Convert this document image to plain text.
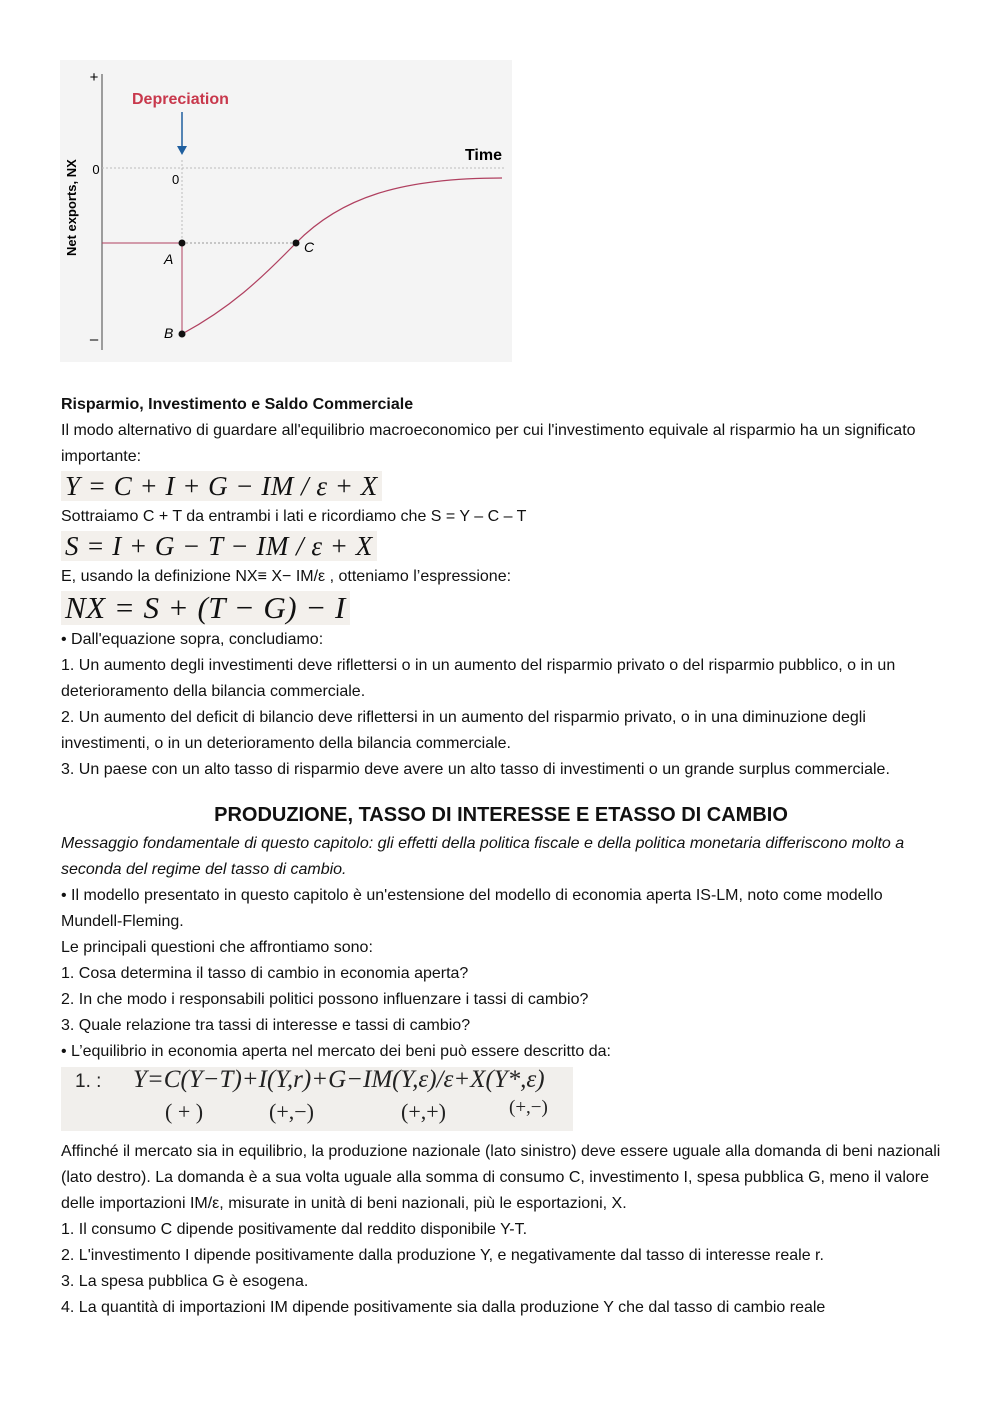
+
–
0
Net exports, NX
Time
Depreciation
0
A
B
C

Risparmio, Investimento e Saldo Commerciale

Il modo alternativo di guardare all'equilibrio macroeconomico per cui l'investimento equivale al risparmio ha un significato importante:

Y = C + I + G − IM / ε + X

Sottraiamo C + T da entrambi i lati e ricordiamo che S = Y – C – T

S = I + G − T − IM / ε + X

E, usando la definizione NX≡ X− IM/ε , otteniamo l’espressione:

NX = S + (T − G) − I

• Dall'equazione sopra, concludiamo:

1. Un aumento degli investimenti deve riflettersi o in un aumento del risparmio privato o del risparmio pubblico, o in un deterioramento della bilancia commerciale.

2. Un aumento del deficit di bilancio deve riflettersi in un aumento del risparmio privato, o in una diminuzione degli investimenti, o in un deterioramento della bilancia commerciale.

3. Un paese con un alto tasso di risparmio deve avere un alto tasso di investimenti o un grande surplus commerciale.

PRODUZIONE, TASSO DI INTERESSE E ETASSO DI CAMBIO

Messaggio fondamentale di questo capitolo: gli effetti della politica fiscale e della politica monetaria differiscono molto a seconda del regime del tasso di cambio.

• Il modello presentato in questo capitolo è un'estensione del modello di economia aperta IS-LM, noto come modello Mundell-Fleming.

Le principali questioni che affrontiamo sono:

1. Cosa determina il tasso di cambio in economia aperta?

2. In che modo i responsabili politici possono influenzare i tassi di cambio?

3. Quale relazione tra tassi di interesse e tassi di cambio?

• L’equilibrio in economia aperta nel mercato dei beni può essere descritto da:

1. : Y=C(Y−T)+I(Y,r)+G−IM(Y,ε)/ε+X(Y*,ε)
( + )	(+,−)	(+,+)	(+,−)

Affinché il mercato sia in equilibrio, la produzione nazionale (lato sinistro) deve essere uguale alla domanda di beni nazionali (lato destro). La domanda è a sua volta uguale alla somma di consumo C, investimento I, spesa pubblica G, meno il valore delle importazioni IM/ε, misurate in unità di beni nazionali, più le esportazioni, X.

1. Il consumo C dipende positivamente dal reddito disponibile Y-T.

2. L'investimento I dipende positivamente dalla produzione Y, e negativamente dal tasso di interesse reale r.

3. La spesa pubblica G è esogena.

4. La quantità di importazioni IM dipende positivamente sia dalla produzione Y che dal tasso di cambio reale
